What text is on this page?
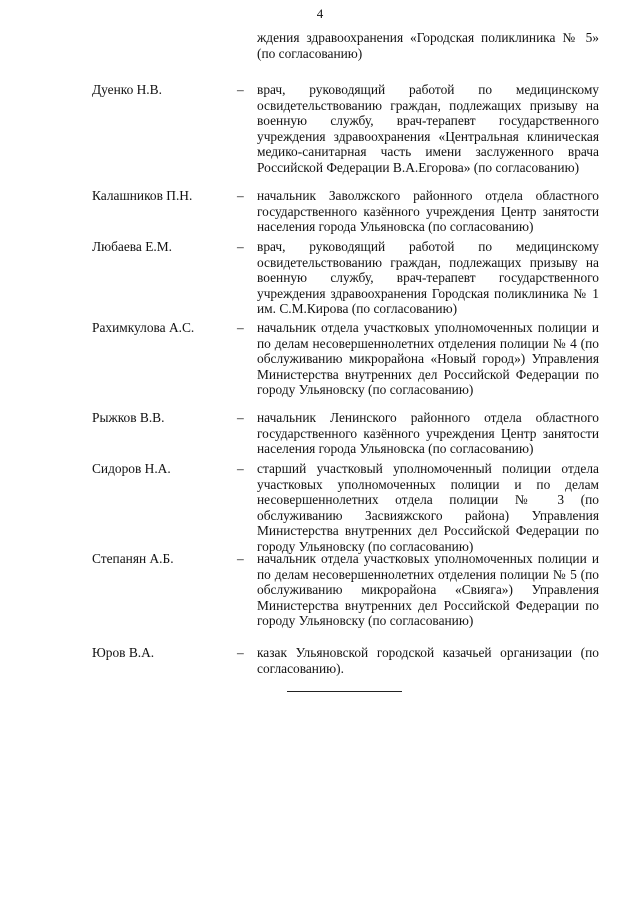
4
ждения здравоохранения «Городская поликлиника № 5» (по согласованию)
Дуенко Н.В.	– врач, руководящий работой по медицинскому освидетельствованию граждан, подлежащих призыву на военную службу, врач-терапевт государственного учреждения здравоохранения «Центральная клиническая медико-санитарная часть имени заслуженного врача Российской Федерации В.А.Егорова» (по согласованию)
Калашников П.Н.	– начальник Заволжского районного отдела областного государственного казённого учреждения Центр занятости населения города Ульяновска (по согласованию)
Любаева Е.М.	– врач, руководящий работой по медицинскому освидетельствованию граждан, подлежащих призыву на военную службу, врач-терапевт государственного учреждения здравоохранения Городская поликлиника № 1 им. С.М.Кирова (по согласованию)
Рахимкулова А.С.	– начальник отдела участковых уполномоченных полиции и по делам несовершеннолетних отделения полиции № 4 (по обслуживанию микрорайона «Новый город») Управления Министерства внутренних дел Российской Федерации по городу Ульяновску (по согласованию)
Рыжков В.В.	– начальник Ленинского районного отдела областного государственного казённого учреждения Центр занятости населения города Ульяновска (по согласованию)
Сидоров Н.А.	– старший участковый уполномоченный полиции отдела участковых уполномоченных полиции и по делам несовершеннолетних отдела полиции № 3 (по обслуживанию Засвияжского района) Управления Министерства внутренних дел Российской Федерации по городу Ульяновску (по согласованию)
Степанян А.Б.	– начальник отдела участковых уполномоченных полиции и по делам несовершеннолетних отделения полиции № 5 (по обслуживанию микрорайона «Свияга») Управления Министерства внутренних дел Российской Федерации по городу Ульяновску (по согласованию)
Юров В.А.	– казак Ульяновской городской казачьей организации (по согласованию).
